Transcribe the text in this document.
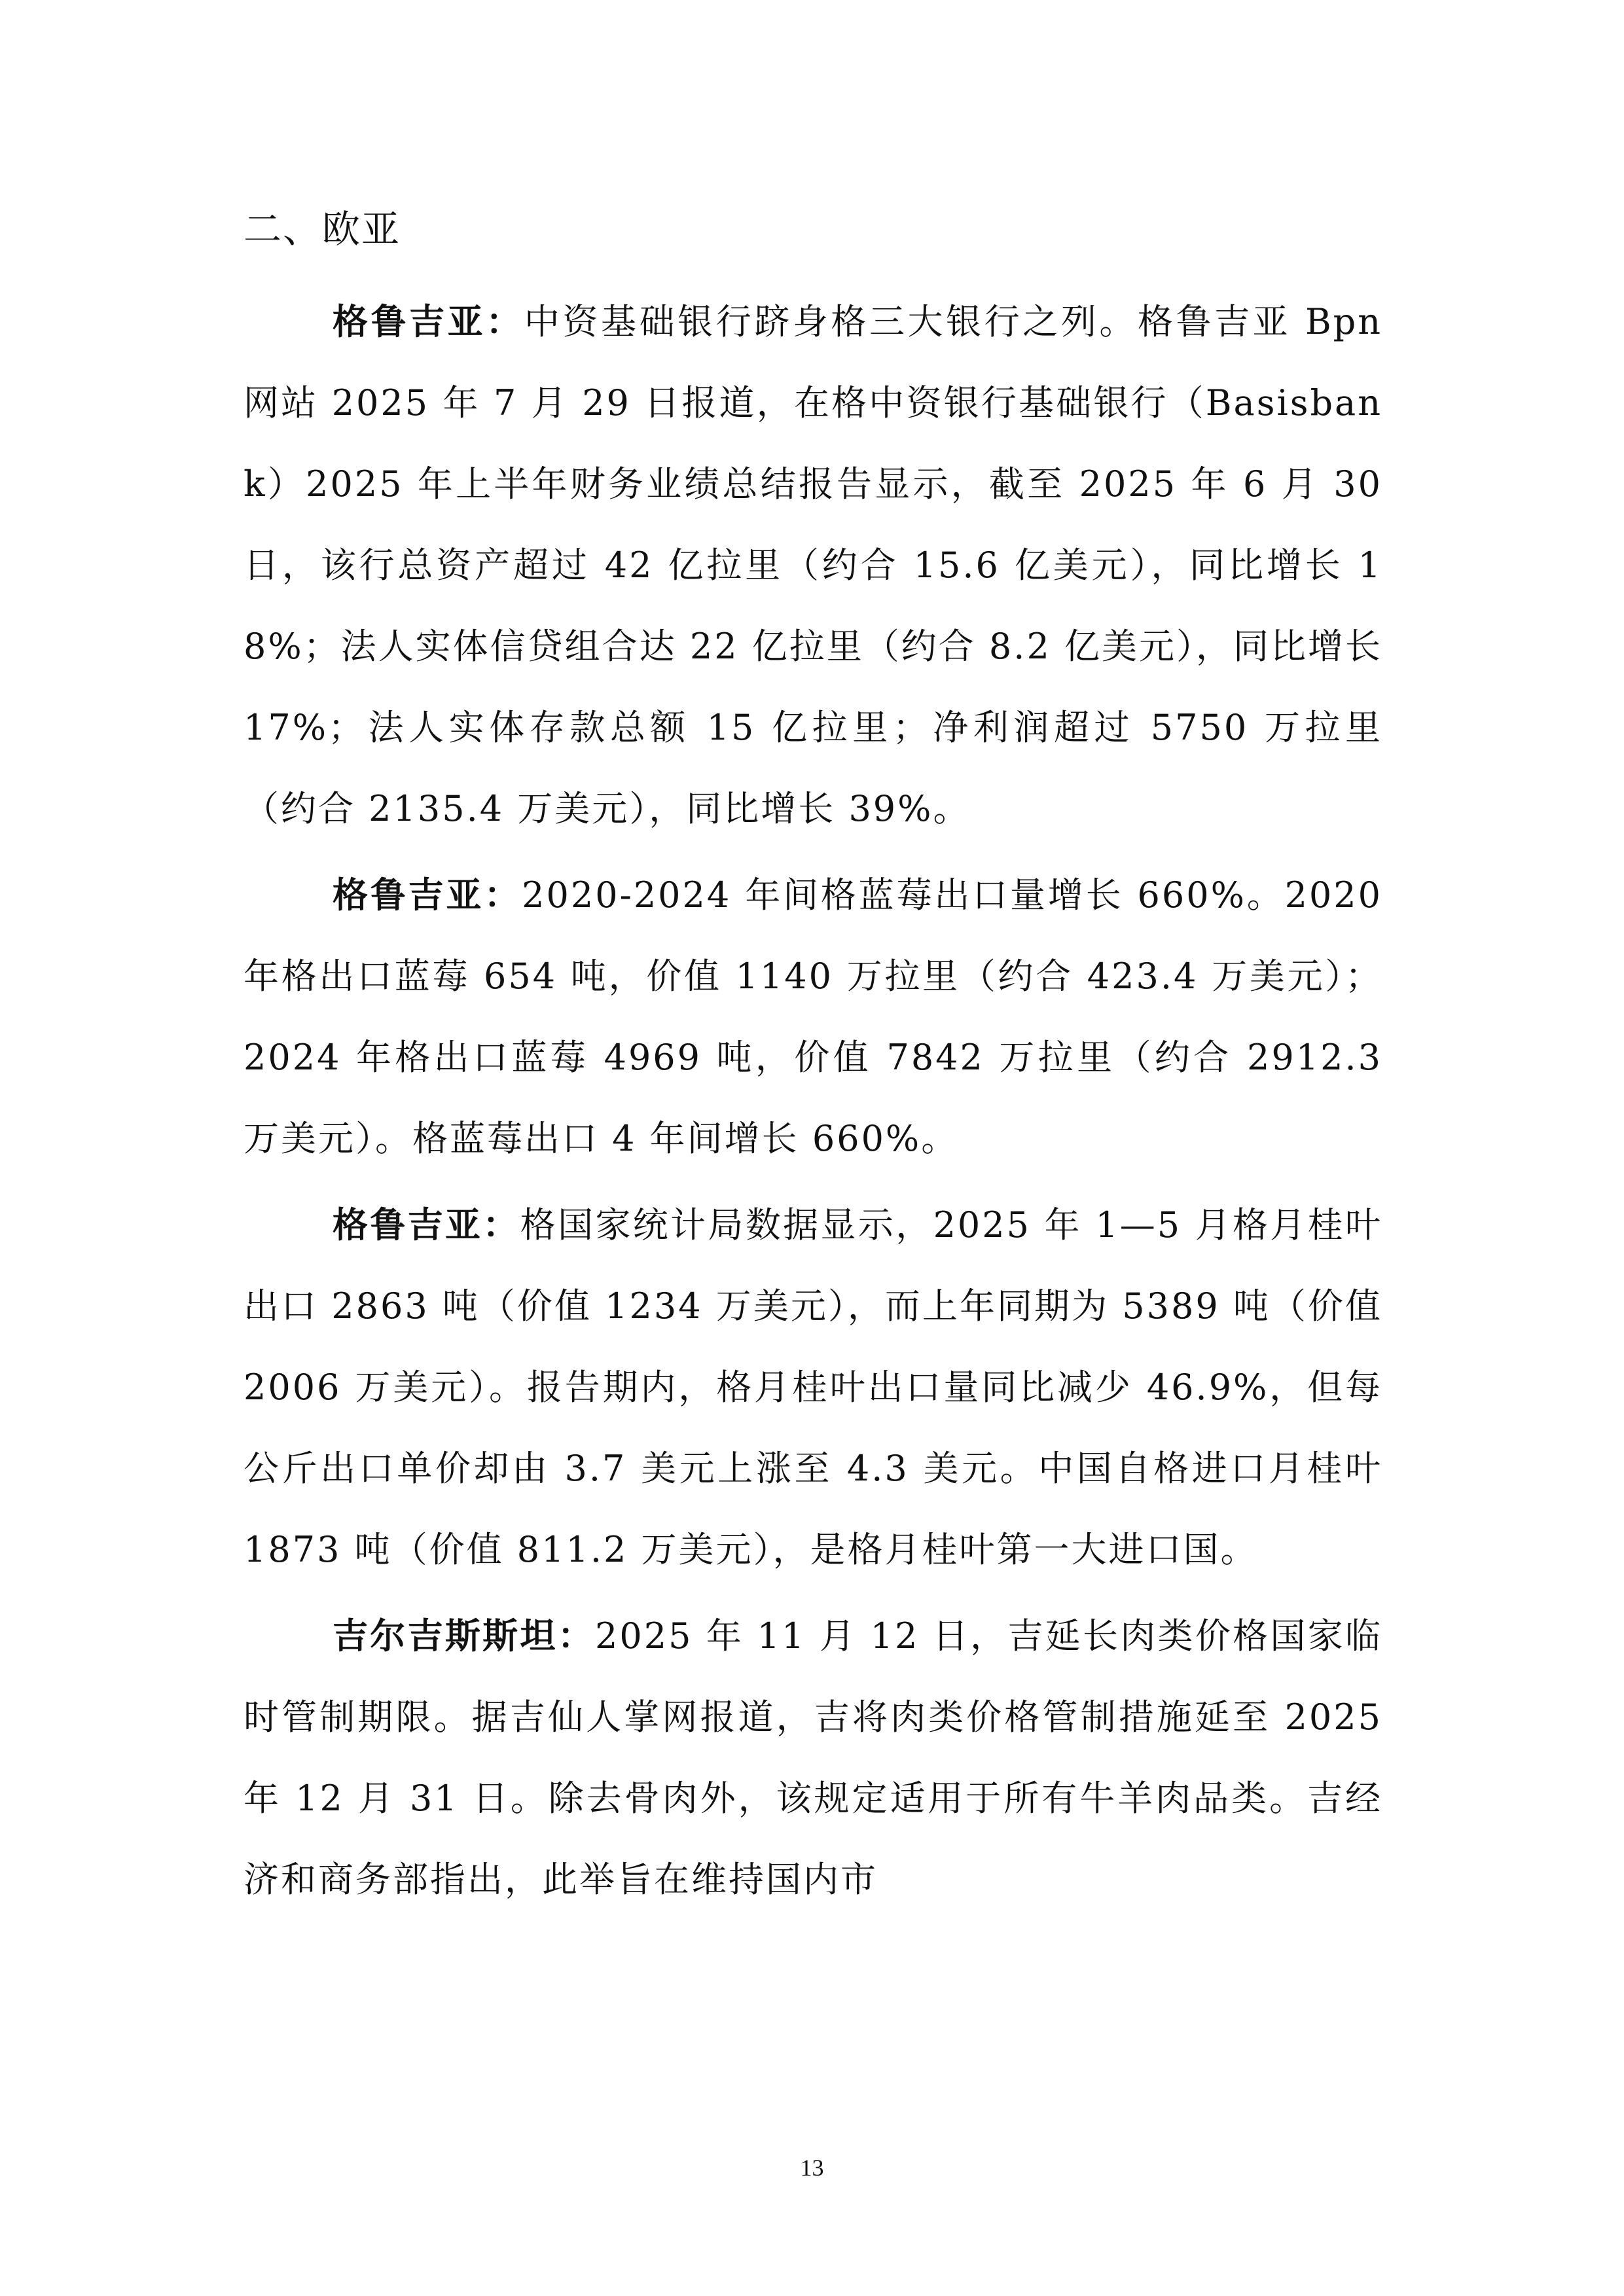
二、欧亚

格鲁吉亚：中资基础银行跻身格三大银行之列。格鲁吉亚 Bpn 网站 2025 年 7 月 29 日报道，在格中资银行基础银行（Basisbank）2025 年上半年财务业绩总结报告显示，截至 2025 年 6 月 30 日，该行总资产超过 42 亿拉里（约合 15.6 亿美元），同比增长 18%；法人实体信贷组合达 22 亿拉里（约合 8.2 亿美元），同比增长 17%；法人实体存款总额 15 亿拉里；净利润超过 5750 万拉里（约合 2135.4 万美元），同比增长 39%。

格鲁吉亚：2020-2024 年间格蓝莓出口量增长 660%。2020 年格出口蓝莓 654 吨，价值 1140 万拉里（约合 423.4 万美元）；2024 年格出口蓝莓 4969 吨，价值 7842 万拉里（约合 2912.3 万美元）。格蓝莓出口 4 年间增长 660%。

格鲁吉亚：格国家统计局数据显示，2025 年 1—5 月格月桂叶出口 2863 吨（价值 1234 万美元），而上年同期为 5389 吨（价值 2006 万美元）。报告期内，格月桂叶出口量同比减少 46.9%，但每公斤出口单价却由 3.7 美元上涨至 4.3 美元。中国自格进口月桂叶 1873 吨（价值 811.2 万美元），是格月桂叶第一大进口国。

吉尔吉斯斯坦：2025 年 11 月 12 日，吉延长肉类价格国家临时管制期限。据吉仙人掌网报道，吉将肉类价格管制措施延至 2025 年 12 月 31 日。除去骨肉外，该规定适用于所有牛羊肉品类。吉经济和商务部指出，此举旨在维持国内市

13
